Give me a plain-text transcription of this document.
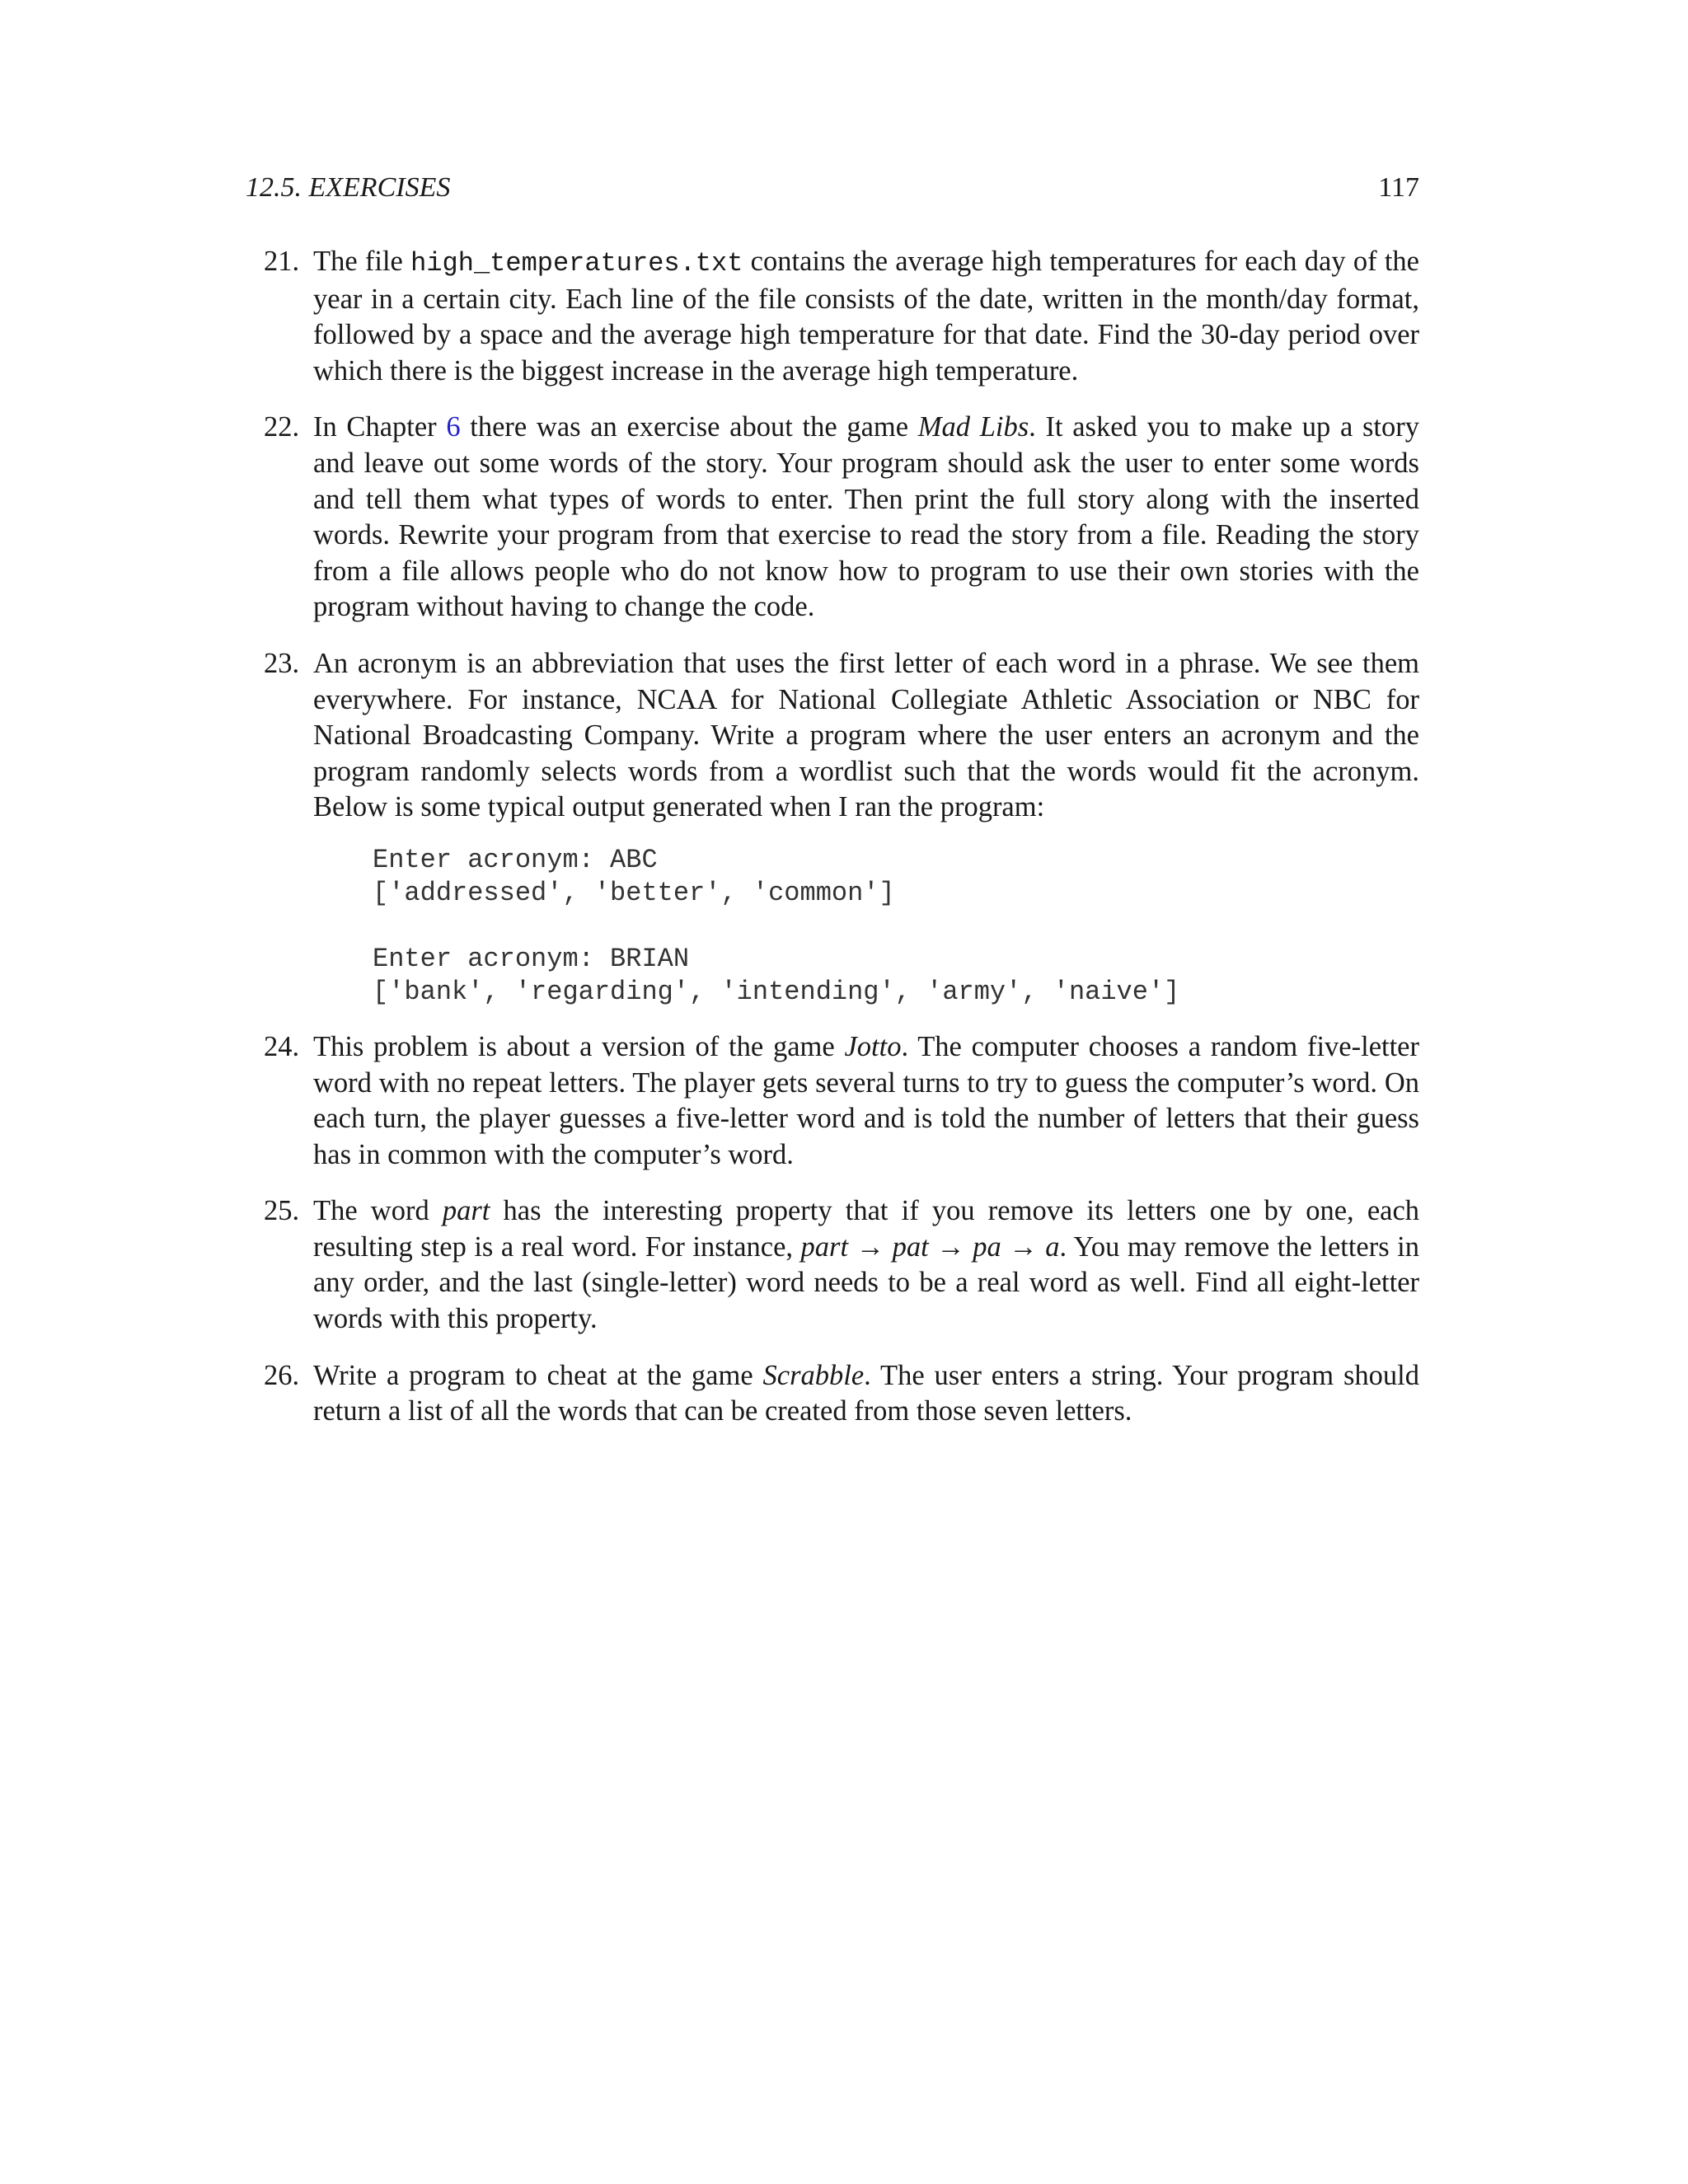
12.5. EXERCISES	117
21. The file high_temperatures.txt contains the average high temperatures for each day of the year in a certain city. Each line of the file consists of the date, written in the month/day format, followed by a space and the average high temperature for that date. Find the 30-day period over which there is the biggest increase in the average high temperature.
22. In Chapter 6 there was an exercise about the game Mad Libs. It asked you to make up a story and leave out some words of the story. Your program should ask the user to enter some words and tell them what types of words to enter. Then print the full story along with the inserted words. Rewrite your program from that exercise to read the story from a file. Reading the story from a file allows people who do not know how to program to use their own stories with the program without having to change the code.
23. An acronym is an abbreviation that uses the first letter of each word in a phrase. We see them everywhere. For instance, NCAA for National Collegiate Athletic Association or NBC for National Broadcasting Company. Write a program where the user enters an acronym and the program randomly selects words from a wordlist such that the words would fit the acronym. Below is some typical output generated when I ran the program:
Enter acronym: ABC
['addressed', 'better', 'common']
Enter acronym: BRIAN
['bank', 'regarding', 'intending', 'army', 'naive']
24. This problem is about a version of the game Jotto. The computer chooses a random five-letter word with no repeat letters. The player gets several turns to try to guess the computer’s word. On each turn, the player guesses a five-letter word and is told the number of letters that their guess has in common with the computer’s word.
25. The word part has the interesting property that if you remove its letters one by one, each resulting step is a real word. For instance, part → pat → pa → a. You may remove the letters in any order, and the last (single-letter) word needs to be a real word as well. Find all eight-letter words with this property.
26. Write a program to cheat at the game Scrabble. The user enters a string. Your program should return a list of all the words that can be created from those seven letters.
